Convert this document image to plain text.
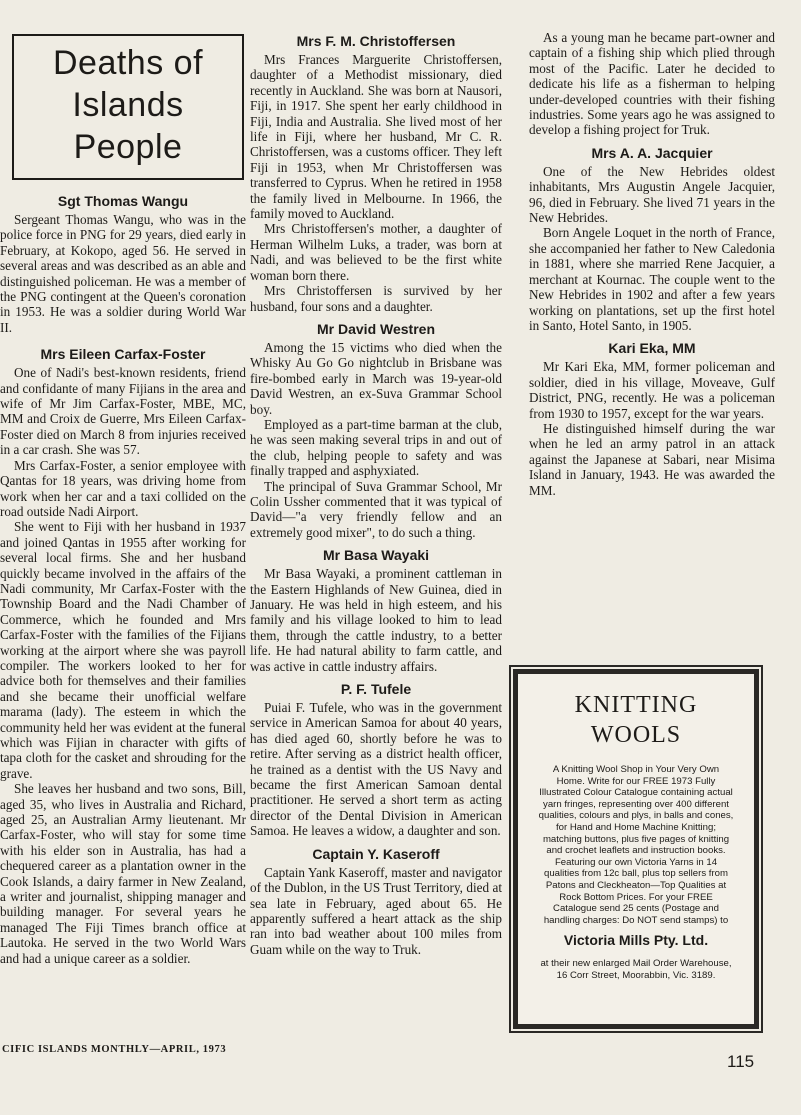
Deaths of Islands People
Sgt Thomas Wangu

Sergeant Thomas Wangu, who was in the police force in PNG for 29 years, died early in February, at Kokopo, aged 56. He served in several areas and was described as an able and distinguished policeman. He was a member of the PNG contingent at the Queen's coronation in 1953. He was a soldier during World War II.

Mrs Eileen Carfax-Foster

One of Nadi's best-known residents, friend and confidante of many Fijians in the area and wife of Mr Jim Carfax-Foster, MBE, MC, MM and Croix de Guerre, Mrs Eileen Carfax-Foster died on March 8 from injuries received in a car crash. She was 57.

Mrs Carfax-Foster, a senior employee with Qantas for 18 years, was driving home from work when her car and a taxi collided on the road outside Nadi Airport.

She went to Fiji with her husband in 1937 and joined Qantas in 1955 after working for several local firms. She and her husband quickly became involved in the affairs of the Nadi community, Mr Carfax-Foster with the Township Board and the Nadi Chamber of Commerce, which he founded and Mrs Carfax-Foster with the families of the Fijians working at the airport where she was payroll compiler. The workers looked to her for advice both for themselves and their families and she became their unofficial welfare marama (lady). The esteem in which the community held her was evident at the funeral which was Fijian in character with gifts of tapa cloth for the casket and shrouding for the grave.

She leaves her husband and two sons, Bill, aged 35, who lives in Australia and Richard, aged 25, an Australian Army lieutenant. Mr Carfax-Foster, who will stay for some time with his elder son in Australia, has had a chequered career as a plantation owner in the Cook Islands, a dairy farmer in New Zealand, a writer and journalist, shipping manager and building manager. For several years he managed The Fiji Times branch office at Lautoka. He served in the two World Wars and had a unique career as a soldier.

Mrs F. M. Christoffersen

Mrs Frances Marguerite Christoffersen, daughter of a Methodist missionary, died recently in Auckland. She was born at Nausori, Fiji, in 1917. She spent her early childhood in Fiji, India and Australia. She lived most of her life in Fiji, where her husband, Mr C. R. Christoffersen, was a customs officer. They left Fiji in 1953, when Mr Christoffersen was transferred to Cyprus. When he retired in 1958 the family lived in Melbourne. In 1966, the family moved to Auckland.

Mrs Christoffersen's mother, a daughter of Herman Wilhelm Luks, a trader, was born at Nadi, and was believed to be the first white woman born there.

Mrs Christoffersen is survived by her husband, four sons and a daughter.

Mr David Westren

Among the 15 victims who died when the Whisky Au Go Go nightclub in Brisbane was fire-bombed early in March was 19-year-old David Westren, an ex-Suva Grammar School boy.

Employed as a part-time barman at the club, he was seen making several trips in and out of the club, helping people to safety and was finally trapped and asphyxiated.

The principal of Suva Grammar School, Mr Colin Ussher commented that it was typical of David—"a very friendly fellow and an extremely good mixer", to do such a thing.

Mr Basa Wayaki

Mr Basa Wayaki, a prominent cattleman in the Eastern Highlands of New Guinea, died in January. He was held in high esteem, and his family and his village looked to him to lead them, through the cattle industry, to a better life. He had natural ability to farm cattle, and was active in cattle industry affairs.

P. F. Tufele

Puiai F. Tufele, who was in the government service in American Samoa for about 40 years, has died aged 60, shortly before he was to retire. After serving as a district health officer, he trained as a dentist with the US Navy and became the first American Samoan dental practitioner. He served a short term as acting director of the Dental Division in American Samoa. He leaves a widow, a daughter and son.

Captain Y. Kaseroff

Captain Yank Kaseroff, master and navigator of the Dublon, in the US Trust Territory, died at sea late in February, aged about 65. He apparently suffered a heart attack as the ship ran into bad weather about 100 miles from Guam while on the way to Truk.

As a young man he became part-owner and captain of a fishing ship which plied through most of the Pacific. Later he decided to dedicate his life as a fisherman to helping under-developed countries with their fishing industries. Some years ago he was assigned to develop a fishing project for Truk.

Mrs A. A. Jacquier

One of the New Hebrides oldest inhabitants, Mrs Augustin Angele Jacquier, 96, died in February. She lived 71 years in the New Hebrides.

Born Angele Loquet in the north of France, she accompanied her father to New Caledonia in 1881, where she married Rene Jacquier, a merchant at Kournac. The couple went to the New Hebrides in 1902 and after a few years working on plantations, set up the first hotel in Santo, Hotel Santo, in 1905.

Kari Eka, MM

Mr Kari Eka, MM, former policeman and soldier, died in his village, Moveave, Gulf District, PNG, recently. He was a policeman from 1930 to 1957, except for the war years.

He distinguished himself during the war when he led an army patrol in an attack against the Japanese at Sabari, near Misima Island in January, 1943. He was awarded the MM.

KNITTING
WOOLS

A Knitting Wool Shop in Your Very Own Home. Write for our FREE 1973 Fully Illustrated Colour Catalogue containing actual yarn fringes, representing over 400 different qualities, colours and plys, in balls and cones, for Hand and Home Machine Knitting; matching buttons, plus five pages of knitting and crochet leaflets and instruction books. Featuring our own Victoria Yarns in 14 qualities from 12c ball, plus top sellers from Patons and Cleckheaton—Top Qualities at Rock Bottom Prices. For your FREE Catalogue send 25 cents (Postage and handling charges: Do NOT send stamps) to

Victoria Mills Pty. Ltd.

at their new enlarged Mail Order Warehouse, 16 Corr Street, Moorabbin, Vic. 3189.

CIFIC ISLANDS MONTHLY—APRIL, 1973
115
